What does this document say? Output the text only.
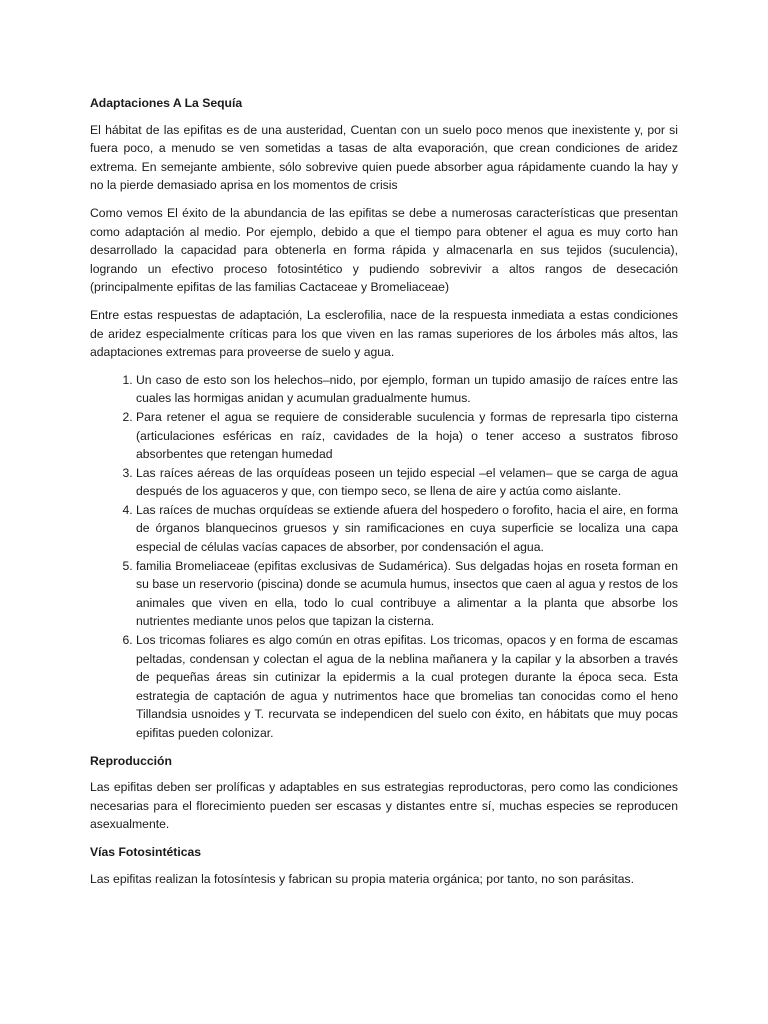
Adaptaciones A La Sequía

El hábitat de las epifitas es de una austeridad, Cuentan con un suelo poco menos que inexistente y, por si fuera poco, a menudo se ven sometidas a tasas de alta evaporación, que crean condiciones de aridez extrema. En semejante ambiente, sólo sobrevive quien puede absorber agua rápidamente cuando la hay y no la pierde demasiado aprisa en los momentos de crisis

Como vemos El éxito de la abundancia de las epifitas se debe a numerosas características que presentan como adaptación al medio. Por ejemplo, debido a que el tiempo para obtener el agua es muy corto han desarrollado la capacidad para obtenerla en forma rápida y almacenarla en sus tejidos (suculencia), logrando un efectivo proceso fotosintético y pudiendo sobrevivir a altos rangos de desecación (principalmente epifitas de las familias Cactaceae y Bromeliaceae)

Entre estas respuestas de adaptación, La esclerofilia, nace de la respuesta inmediata a estas condiciones de aridez especialmente críticas para los que viven en las ramas superiores de los árboles más altos, las adaptaciones extremas para proveerse de suelo y agua.

1. Un caso de esto son los helechos–nido, por ejemplo, forman un tupido amasijo de raíces entre las cuales las hormigas anidan y acumulan gradualmente humus.
2. Para retener el agua se requiere de considerable suculencia y formas de represarla tipo cisterna (articulaciones esféricas en raíz, cavidades de la hoja) o tener acceso a sustratos fibroso absorbentes que retengan humedad
3. Las raíces aéreas de las orquídeas poseen un tejido especial –el velamen– que se carga de agua después de los aguaceros y que, con tiempo seco, se llena de aire y actúa como aislante.
4. Las raíces de muchas orquídeas se extiende afuera del hospedero o forofito, hacia el aire, en forma de órganos blanquecinos gruesos y sin ramificaciones en cuya superficie se localiza una capa especial de células vacías capaces de absorber, por condensación el agua.
5. familia Bromeliaceae (epifitas exclusivas de Sudamérica). Sus delgadas hojas en roseta forman en su base un reservorio (piscina) donde se acumula humus, insectos que caen al agua y restos de los animales que viven en ella, todo lo cual contribuye a alimentar a la planta que absorbe los nutrientes mediante unos pelos que tapizan la cisterna.
6. Los tricomas foliares es algo común en otras epifitas. Los tricomas, opacos y en forma de escamas peltadas, condensan y colectan el agua de la neblina mañanera y la capilar y la absorben a través de pequeñas áreas sin cutinizar la epidermis a la cual protegen durante la época seca. Esta estrategia de captación de agua y nutrimentos hace que bromelias tan conocidas como el heno Tillandsia usnoides y T. recurvata se independicen del suelo con éxito, en hábitats que muy pocas epifitas pueden colonizar.
Reproducción

Las epifitas deben ser prolíficas y adaptables en sus estrategias reproductoras, pero como las condiciones necesarias para el florecimiento pueden ser escasas y distantes entre sí, muchas especies se reproducen asexualmente.

Vías Fotosintéticas

Las epifitas realizan la fotosíntesis y fabrican su propia materia orgánica; por tanto, no son parásitas.
